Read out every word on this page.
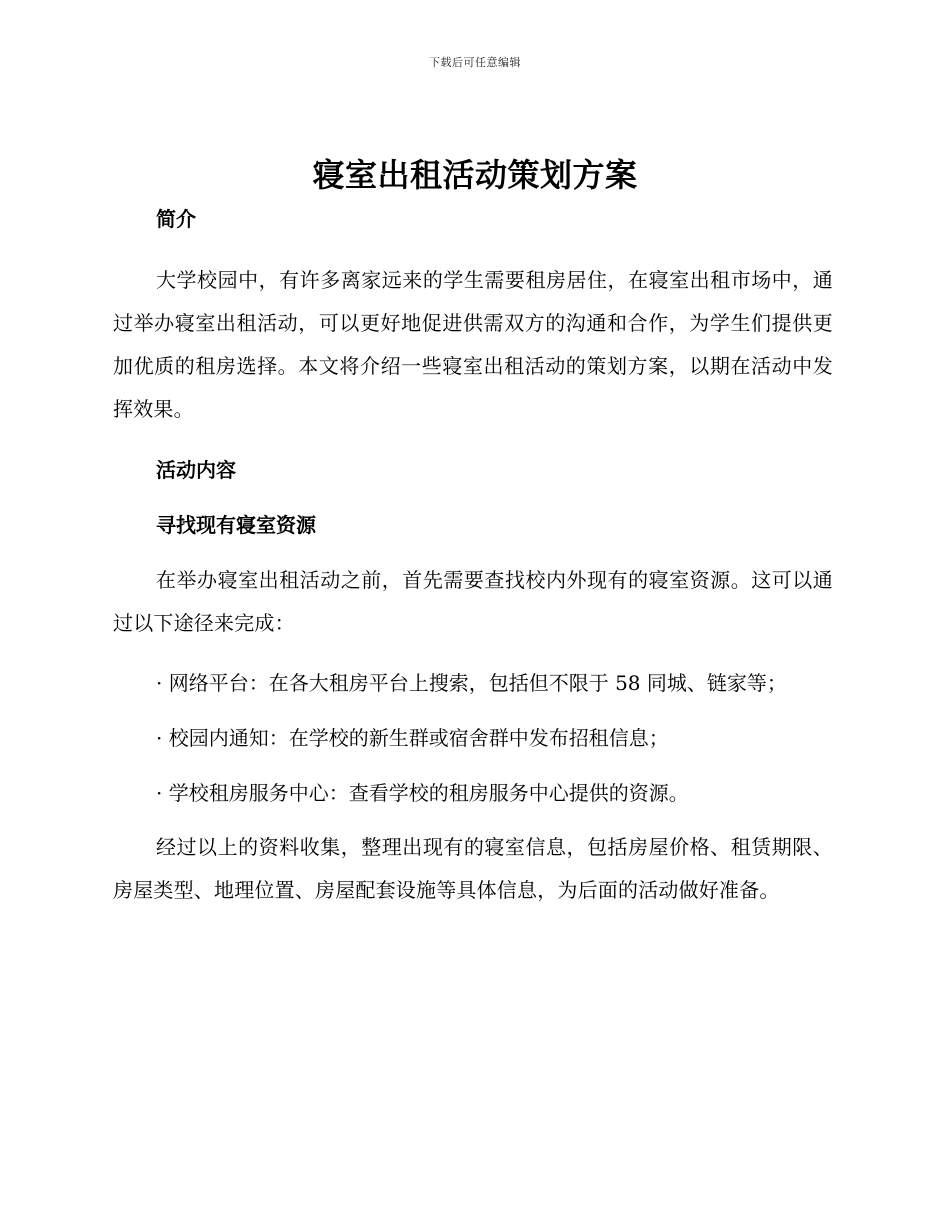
下载后可任意编辑
寝室出租活动策划方案

简介

大学校园中，有许多离家远来的学生需要租房居住，在寝室出租市场中，通过举办寝室出租活动，可以更好地促进供需双方的沟通和合作，为学生们提供更加优质的租房选择。本文将介绍一些寝室出租活动的策划方案，以期在活动中发挥效果。

活动内容

寻找现有寝室资源

在举办寝室出租活动之前，首先需要查找校内外现有的寝室资源。这可以通过以下途径来完成：

· 网络平台：在各大租房平台上搜索，包括但不限于 58 同城、链家等；

· 校园内通知：在学校的新生群或宿舍群中发布招租信息；

· 学校租房服务中心：查看学校的租房服务中心提供的资源。

经过以上的资料收集，整理出现有的寝室信息，包括房屋价格、租赁期限、房屋类型、地理位置、房屋配套设施等具体信息，为后面的活动做好准备。
